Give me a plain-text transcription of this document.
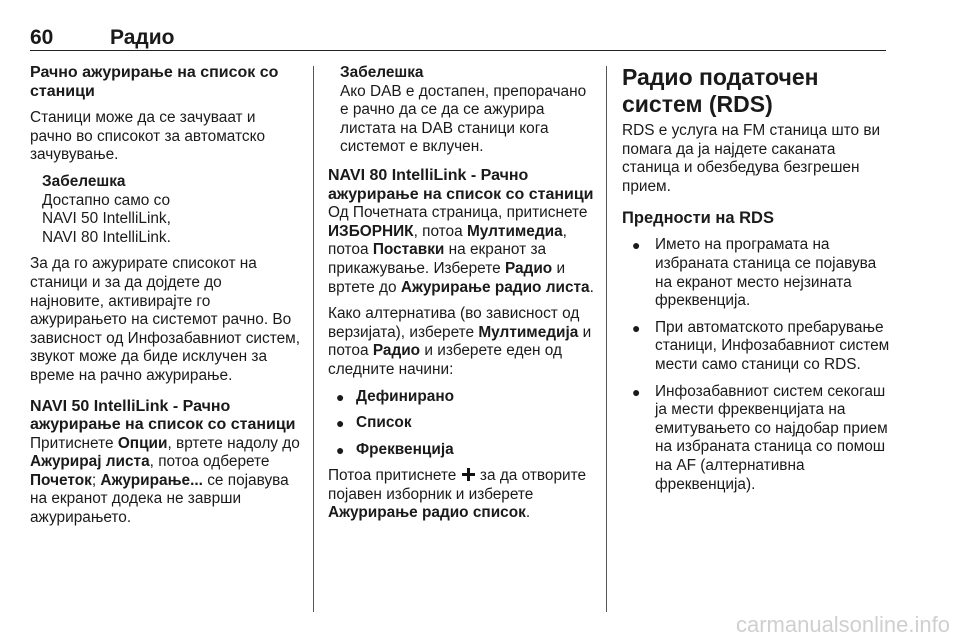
60	Радио
Рачно ажурирање на список со станици

Станици може да се зачуваат и рачно во списокот за автоматско зачувување.

Забелешка
Достапно само со
NAVI 50 IntelliLink,
NAVI 80 IntelliLink.

За да го ажурирате списокот на станици и за да дојдете до најновите, активирајте го ажурирањето на системот рачно. Во зависност од Инфозабавниот систем, звукот може да биде исклучен за време на рачно ажурирање.

NAVI 50 IntelliLink - Рачно ажурирање на список со станици

Притиснете Опции, вртете надолу до Ажурирај листа, потоа одберете Почеток; Ажурирање... се појавува на екранот додека не заврши ажурирањето.

Забелешка
Ако DAB е достапен, препорачано е рачно да се да се ажурира листата на DAB станици кога системот е вклучен.
NAVI 80 IntelliLink - Рачно ажурирање на список со станици

Од Почетната страница, притиснете ИЗБОРНИК, потоа Мултимедиа, потоа Поставки на екранот за прикажување. Изберете Радио и вртете до Ажурирање радио листа.

Како алтернатива (во зависност од верзијата), изберете Мултимедија и потоа Радио и изберете еден од следните начини:

● Дефинирано
● Список
● Фреквенција

Потоа притиснете  за да отворите појавен изборник и изберете Ажурирање радио список.

Радио податочен систем (RDS)

RDS е услуга на FM станица што ви помага да ја најдете саканата станица и обезбедува безгрешен прием.

Предности на RDS
● Името на програмата на избраната станица се појавува на екранот место нејзината фреквенција.
● При автоматското пребарување станици, Инфозабавниот систем мести само станици со RDS.
● Инфозабавниот систем секогаш ја мести фреквенцијата на емитувањето со најдобар прием на избраната станица со помош на AF (алтернативна фреквенција).
carmanualsonline.info
